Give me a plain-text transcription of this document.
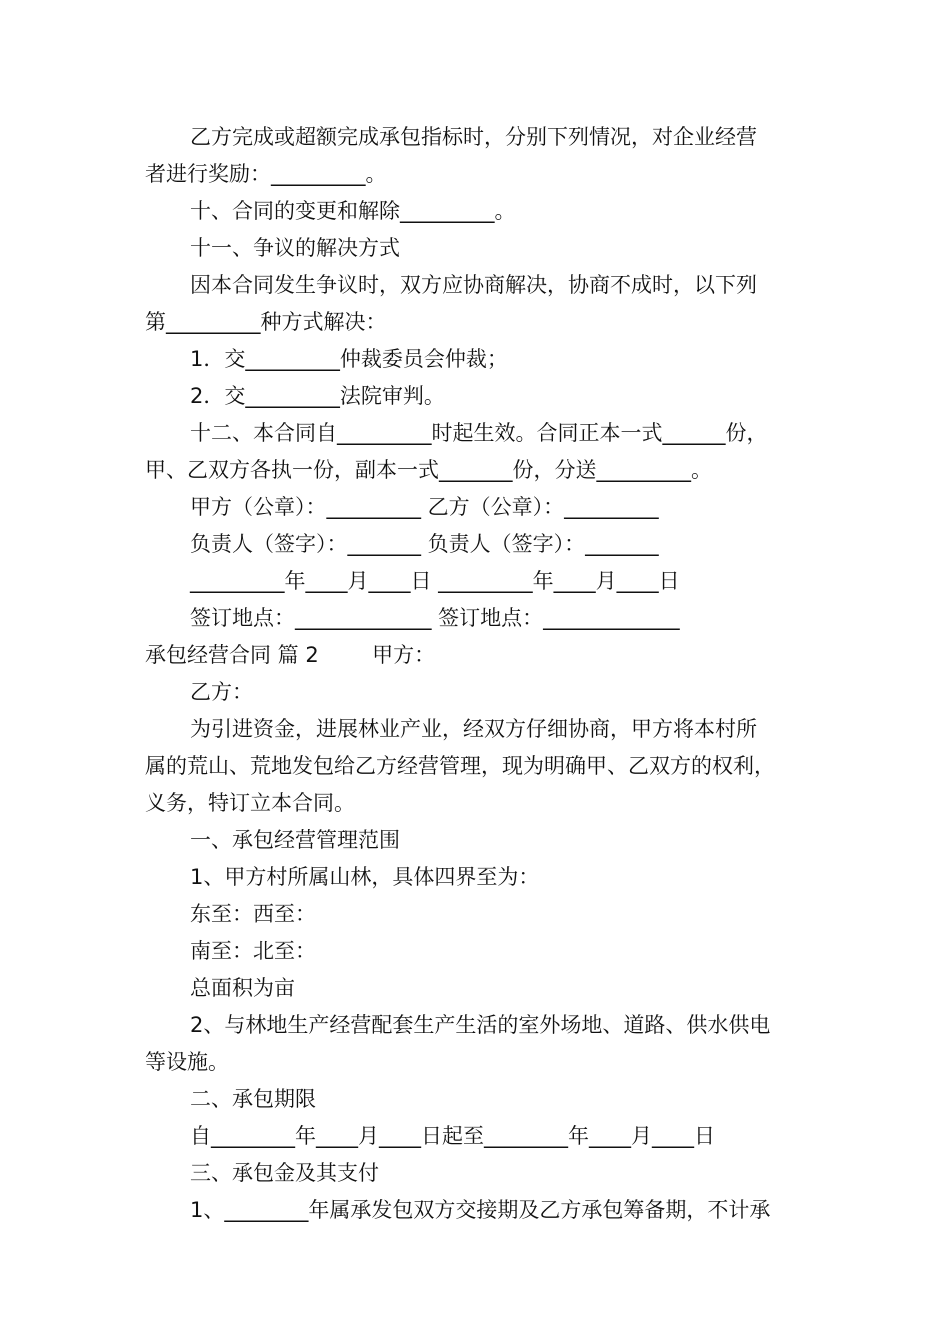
乙方完成或超额完成承包指标时，分别下列情况，对企业经营
者进行奖励：_________。
十、合同的变更和解除_________。
十一、争议的解决方式
因本合同发生争议时，双方应协商解决，协商不成时，以下列
第_________种方式解决：
1．交_________仲裁委员会仲裁；
2．交_________法院审判。
十二、本合同自_________时起生效。合同正本一式______份，
甲、乙双方各执一份，副本一式_______份，分送_________。
甲方（公章）：_________ 乙方（公章）：_________
负责人（签字）：_______ 负责人（签字）：_______
_________年____月____日 _________年____月____日
签订地点：_____________ 签订地点：_____________
承包经营合同 篇 2        甲方：
乙方：
为引进资金，进展林业产业，经双方仔细协商，甲方将本村所
属的荒山、荒地发包给乙方经营管理，现为明确甲、乙双方的权利，
义务，特订立本合同。
一、承包经营管理范围
1、甲方村所属山林，具体四界至为：
东至：西至：
南至：北至：
总面积为亩
2、与林地生产经营配套生产生活的室外场地、道路、供水供电
等设施。
二、承包期限
自________年____月____日起至________年____月____日
三、承包金及其支付
1、________年属承发包双方交接期及乙方承包筹备期，不计承
